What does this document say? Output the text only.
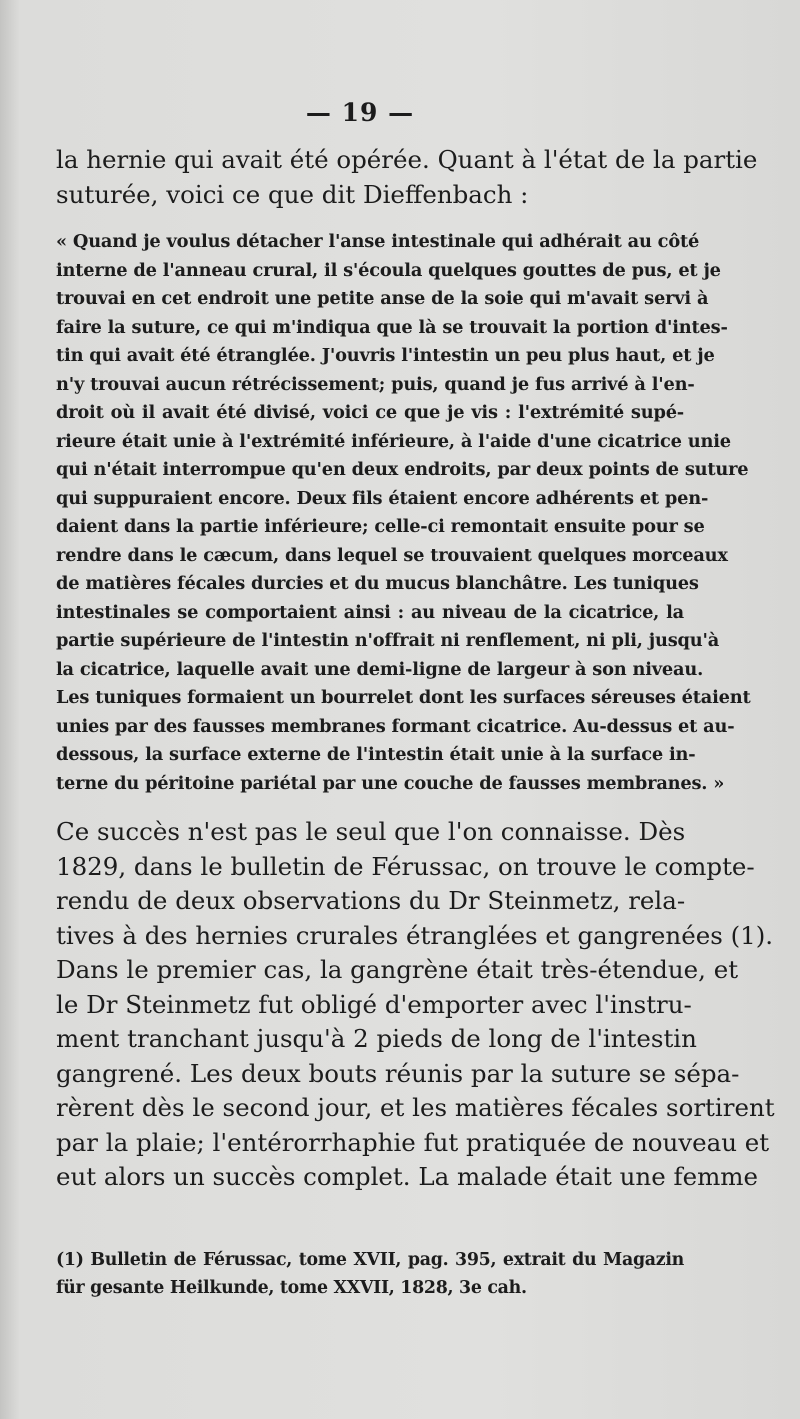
— 19 —
la hernie qui avait été opérée. Quant à l'état de la partie
suturée, voici ce que dit Dieffenbach :
« Quand je voulus détacher l'anse intestinale qui adhérait au côté
interne de l'anneau crural, il s'écoula quelques gouttes de pus, et je
trouvai en cet endroit une petite anse de la soie qui m'avait servi à
faire la suture, ce qui m'indiqua que là se trouvait la portion d'intes-
tin qui avait été étranglée. J'ouvris l'intestin un peu plus haut, et je
n'y trouvai aucun rétrécissement; puis, quand je fus arrivé à l'en-
droit où il avait été divisé, voici ce que je vis : l'extrémité supé-
rieure était unie à l'extrémité inférieure, à l'aide d'une cicatrice unie
qui n'était interrompue qu'en deux endroits, par deux points de suture
qui suppuraient encore. Deux fils étaient encore adhérents et pen-
daient dans la partie inférieure; celle-ci remontait ensuite pour se
rendre dans le cæcum, dans lequel se trouvaient quelques morceaux
de matières fécales durcies et du mucus blanchâtre. Les tuniques
intestinales se comportaient ainsi : au niveau de la cicatrice, la
partie supérieure de l'intestin n'offrait ni renflement, ni pli, jusqu'à
la cicatrice, laquelle avait une demi-ligne de largeur à son niveau.
Les tuniques formaient un bourrelet dont les surfaces séreuses étaient
unies par des fausses membranes formant cicatrice. Au-dessus et au-
dessous, la surface externe de l'intestin était unie à la surface in-
terne du péritoine pariétal par une couche de fausses membranes. »
Ce succès n'est pas le seul que l'on connaisse. Dès
1829, dans le bulletin de Férussac, on trouve le compte-
rendu de deux observations du Dr Steinmetz, rela-
tives à des hernies crurales étranglées et gangrenées (1).
Dans le premier cas, la gangrène était très-étendue, et
le Dr Steinmetz fut obligé d'emporter avec l'instru-
ment tranchant jusqu'à 2 pieds de long de l'intestin
gangrené. Les deux bouts réunis par la suture se sépa-
rèrent dès le second jour, et les matières fécales sortirent
par la plaie; l'entérorrhaphie fut pratiquée de nouveau et
eut alors un succès complet. La malade était une femme
(1) Bulletin de Férussac, tome XVII, pag. 395, extrait du Magazin
für gesante Heilkunde, tome XXVII, 1828, 3e cah.
